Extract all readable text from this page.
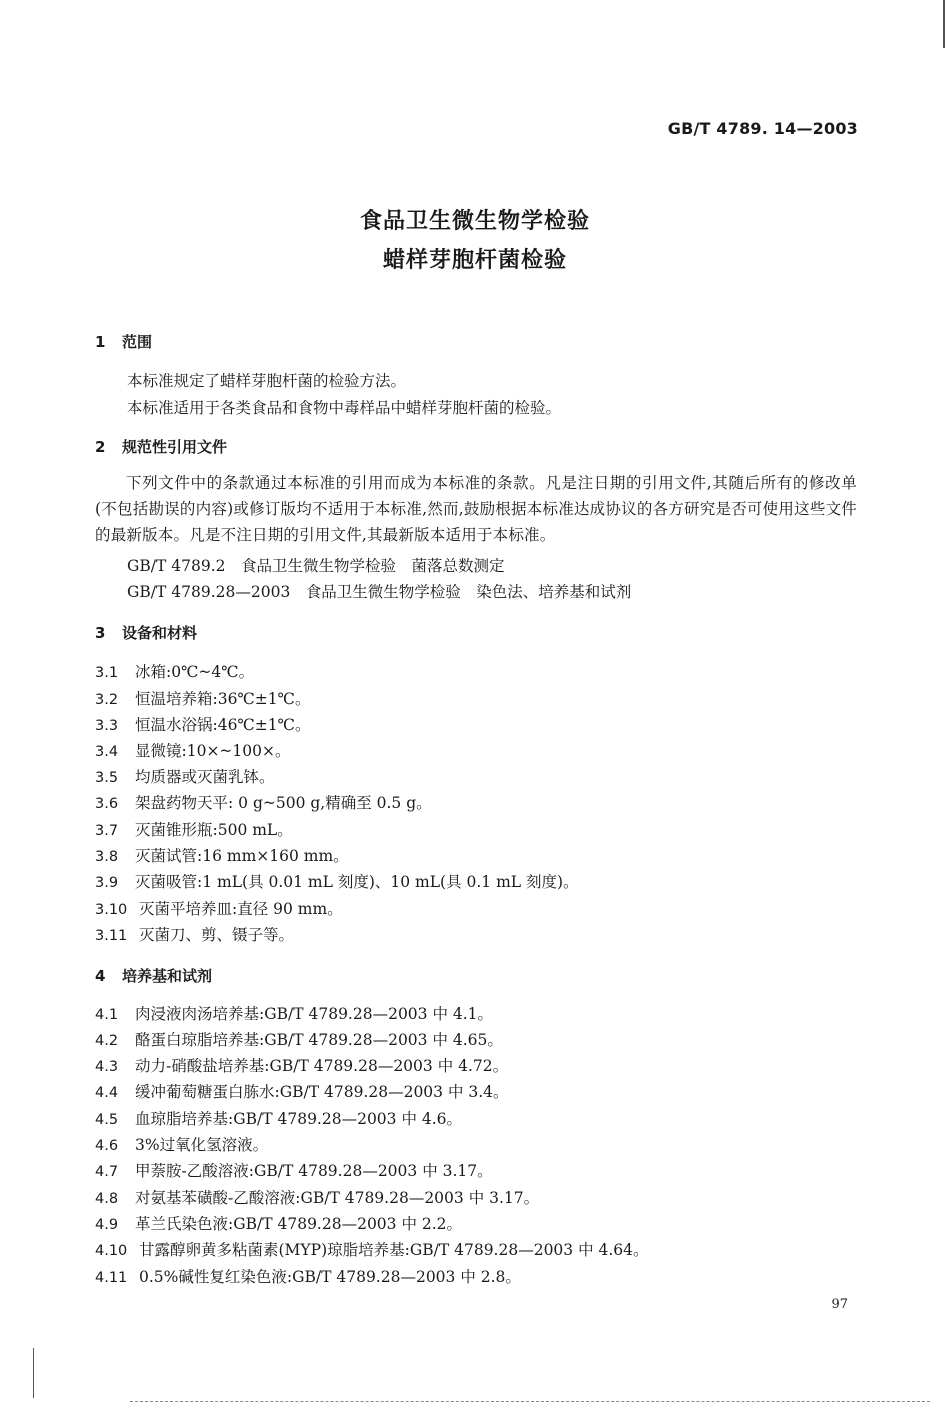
GB/T 4789. 14—2003
食品卫生微生物学检验
蜡样芽胞杆菌检验
1 范围
本标准规定了蜡样芽胞杆菌的检验方法。
本标准适用于各类食品和食物中毒样品中蜡样芽胞杆菌的检验。
2 规范性引用文件
下列文件中的条款通过本标准的引用而成为本标准的条款。凡是注日期的引用文件,其随后所有的修改单(不包括勘误的内容)或修订版均不适用于本标准,然而,鼓励根据本标准达成协议的各方研究是否可使用这些文件的最新版本。凡是不注日期的引用文件,其最新版本适用于本标准。
GB/T 4789.2　食品卫生微生物学检验　菌落总数测定
GB/T 4789.28—2003　食品卫生微生物学检验　染色法、培养基和试剂
3 设备和材料
3.1 冰箱:0℃~4℃。
3.2 恒温培养箱:36℃±1℃。
3.3 恒温水浴锅:46℃±1℃。
3.4 显微镜:10×~100×。
3.5 均质器或灭菌乳钵。
3.6 架盘药物天平: 0 g~500 g,精确至 0.5 g。
3.7 灭菌锥形瓶:500 mL。
3.8 灭菌试管:16 mm×160 mm。
3.9 灭菌吸管:1 mL(具 0.01 mL 刻度)、10 mL(具 0.1 mL 刻度)。
3.10 灭菌平培养皿:直径 90 mm。
3.11 灭菌刀、剪、镊子等。
4 培养基和试剂
4.1 肉浸液肉汤培养基:GB/T 4789.28—2003 中 4.1。
4.2 酪蛋白琼脂培养基:GB/T 4789.28—2003 中 4.65。
4.3 动力-硝酸盐培养基:GB/T 4789.28—2003 中 4.72。
4.4 缓冲葡萄糖蛋白胨水:GB/T 4789.28—2003 中 3.4。
4.5 血琼脂培养基:GB/T 4789.28—2003 中 4.6。
4.6 3%过氧化氢溶液。
4.7 甲萘胺-乙酸溶液:GB/T 4789.28—2003 中 3.17。
4.8 对氨基苯磺酸-乙酸溶液:GB/T 4789.28—2003 中 3.17。
4.9 革兰氏染色液:GB/T 4789.28—2003 中 2.2。
4.10 甘露醇卵黄多粘菌素(MYP)琼脂培养基:GB/T 4789.28—2003 中 4.64。
4.11 0.5%碱性复红染色液:GB/T 4789.28—2003 中 2.8。
97
